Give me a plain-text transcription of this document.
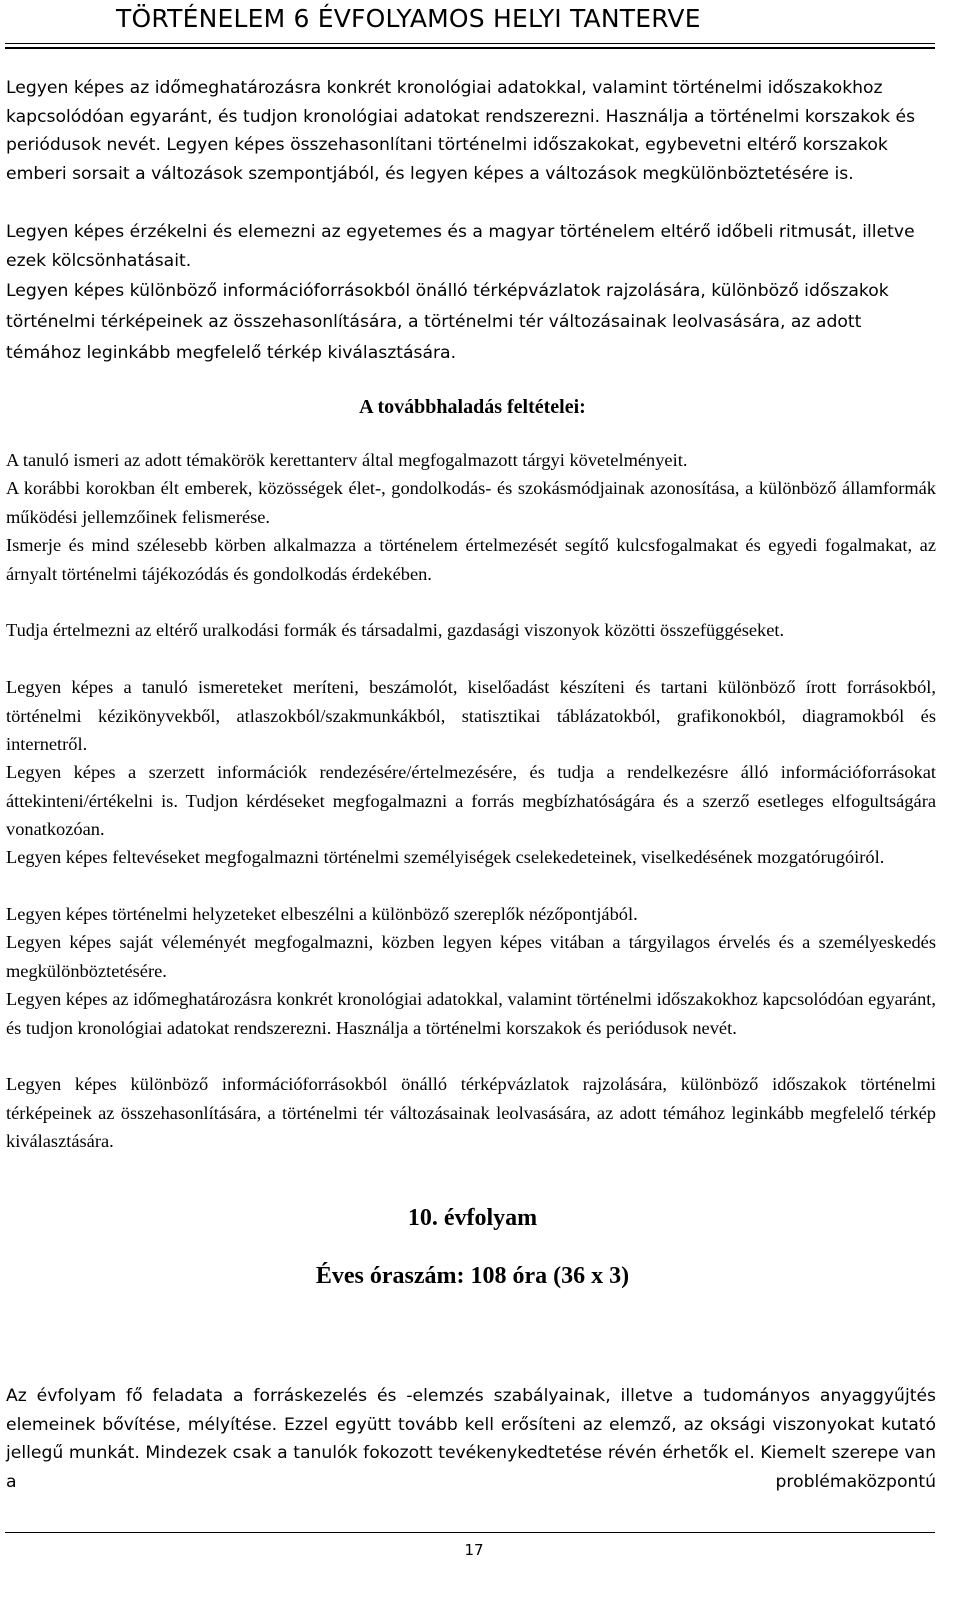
TÖRTÉNELEM 6 ÉVFOLYAMOS HELYI TANTERVE

Legyen képes az időmeghatározásra konkrét kronológiai adatokkal, valamint történelmi időszakokhoz kapcsolódóan egyaránt, és tudjon kronológiai adatokat rendszerezni. Használja a történelmi korszakok és periódusok nevét. Legyen képes összehasonlítani történelmi időszakokat, egybevetni eltérő korszakok emberi sorsait a változások szempontjából, és legyen képes a változások megkülönböztetésére is.

Legyen képes érzékelni és elemezni az egyetemes és a magyar történelem eltérő időbeli ritmusát, illetve ezek kölcsönhatásait.

Legyen képes különböző információforrásokból önálló térképvázlatok rajzolására, különböző időszakok történelmi térképeinek az összehasonlítására, a történelmi tér változásainak leolvasására, az adott témához leginkább megfelelő térkép kiválasztására.

A továbbhaladás feltételei:

A tanuló ismeri az adott témakörök kerettanterv által megfogalmazott tárgyi követelményeit.

A korábbi korokban élt emberek, közösségek élet-, gondolkodás- és szokásmódjainak azonosítása, a különböző államformák működési jellemzőinek felismerése.

Ismerje és mind szélesebb körben alkalmazza a történelem értelmezését segítő kulcsfogalmakat és egyedi fogalmakat, az árnyalt történelmi tájékozódás és gondolkodás érdekében.

Tudja értelmezni az eltérő uralkodási formák és társadalmi, gazdasági viszonyok közötti összefüggéseket.

Legyen képes a tanuló ismereteket meríteni, beszámolót, kiselőadást készíteni és tartani különböző írott forrásokból, történelmi kézikönyvekből, atlaszokból/szakmunkákból, statisztikai táblázatokból, grafikonokból, diagramokból és internetről.

Legyen képes a szerzett információk rendezésére/értelmezésére, és tudja a rendelkezésre álló információforrásokat áttekinteni/értékelni is. Tudjon kérdéseket megfogalmazni a forrás megbízhatóságára és a szerző esetleges elfogultságára vonatkozóan.

Legyen képes feltevéseket megfogalmazni történelmi személyiségek cselekedeteinek, viselkedésének mozgatórugóiról.

Legyen képes történelmi helyzeteket elbeszélni a különböző szereplők nézőpontjából.

Legyen képes saját véleményét megfogalmazni, közben legyen képes vitában a tárgyilagos érvelés és a személyeskedés megkülönböztetésére.

Legyen képes az időmeghatározásra konkrét kronológiai adatokkal, valamint történelmi időszakokhoz kapcsolódóan egyaránt, és tudjon kronológiai adatokat rendszerezni. Használja a történelmi korszakok és periódusok nevét.

Legyen képes különböző információforrásokból önálló térképvázlatok rajzolására, különböző időszakok történelmi térképeinek az összehasonlítására, a történelmi tér változásainak leolvasására, az adott témához leginkább megfelelő térkép kiválasztására.

10. évfolyam
Éves óraszám: 108 óra (36 x 3)

Az évfolyam fő feladata a forráskezelés és -elemzés szabályainak, illetve a tudományos anyaggyűjtés elemeinek bővítése, mélyítése. Ezzel együtt tovább kell erősíteni az elemző, az oksági viszonyokat kutató jellegű munkát. Mindezek csak a tanulók fokozott tevékenykedtetése révén érhetők el. Kiemelt szerepe van a problémaközpontú

17
